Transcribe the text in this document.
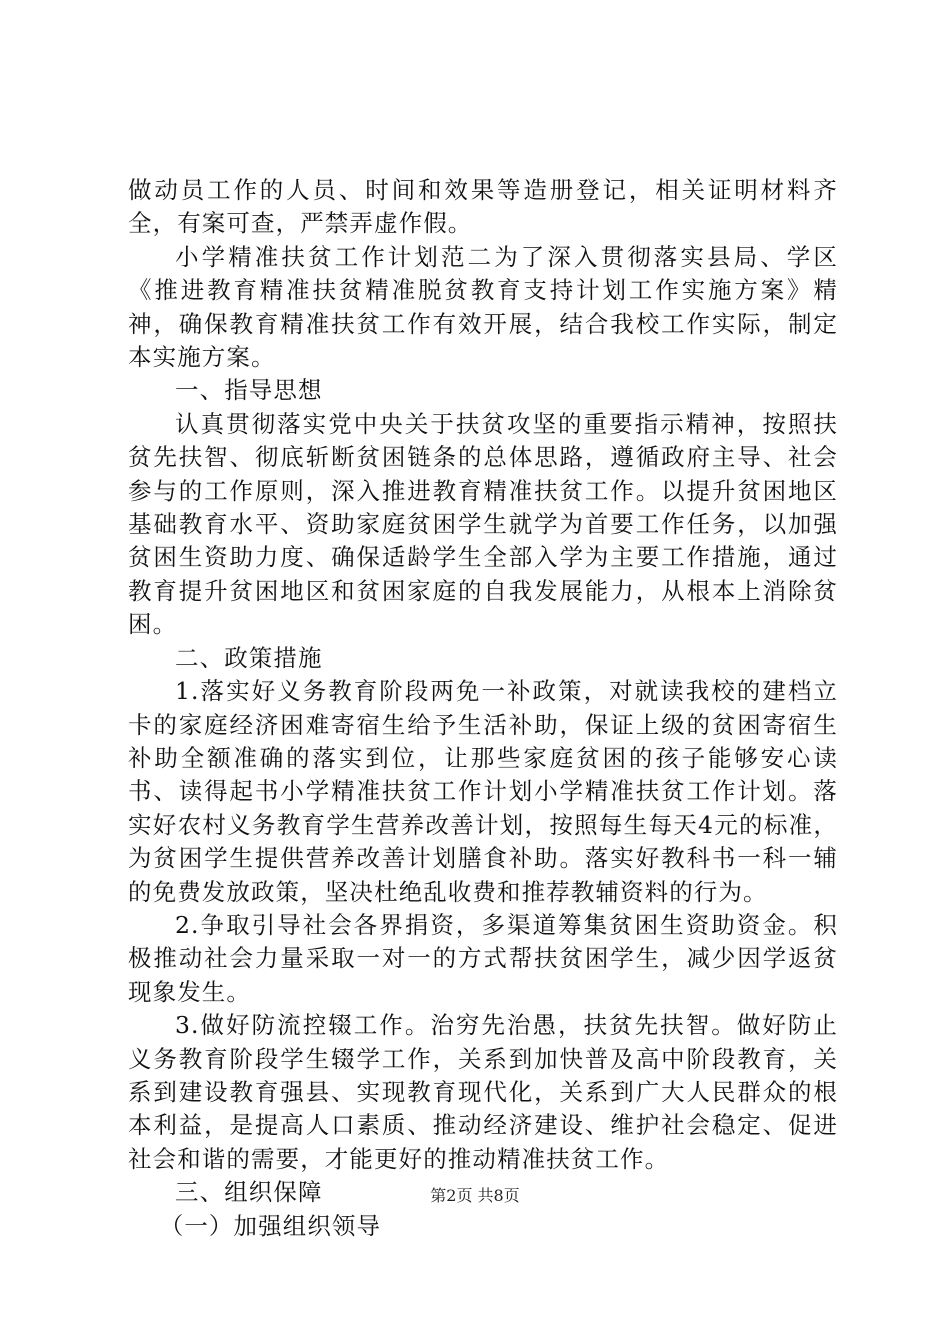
做动员工作的人员、时间和效果等造册登记，相关证明材料齐全，有案可查，严禁弄虚作假。

小学精准扶贫工作计划范二为了深入贯彻落实县局、学区《推进教育精准扶贫精准脱贫教育支持计划工作实施方案》精神，确保教育精准扶贫工作有效开展，结合我校工作实际，制定本实施方案。

一、指导思想

认真贯彻落实党中央关于扶贫攻坚的重要指示精神，按照扶贫先扶智、彻底斩断贫困链条的总体思路，遵循政府主导、社会参与的工作原则，深入推进教育精准扶贫工作。以提升贫困地区基础教育水平、资助家庭贫困学生就学为首要工作任务，以加强贫困生资助力度、确保适龄学生全部入学为主要工作措施，通过教育提升贫困地区和贫困家庭的自我发展能力，从根本上消除贫困。

二、政策措施

1.落实好义务教育阶段两免一补政策，对就读我校的建档立卡的家庭经济困难寄宿生给予生活补助，保证上级的贫困寄宿生补助全额准确的落实到位，让那些家庭贫困的孩子能够安心读书、读得起书小学精准扶贫工作计划小学精准扶贫工作计划。落实好农村义务教育学生营养改善计划，按照每生每天4元的标准，为贫困学生提供营养改善计划膳食补助。落实好教科书一科一辅的免费发放政策，坚决杜绝乱收费和推荐教辅资料的行为。

2.争取引导社会各界捐资，多渠道筹集贫困生资助资金。积极推动社会力量采取一对一的方式帮扶贫困学生，减少因学返贫现象发生。

3.做好防流控辍工作。治穷先治愚，扶贫先扶智。做好防止义务教育阶段学生辍学工作，关系到加快普及高中阶段教育，关系到建设教育强县、实现教育现代化，关系到广大人民群众的根本利益，是提高人口素质、推动经济建设、维护社会稳定、促进社会和谐的需要，才能更好的推动精准扶贫工作。

三、组织保障

（一）加强组织领导

第2页 共8页
